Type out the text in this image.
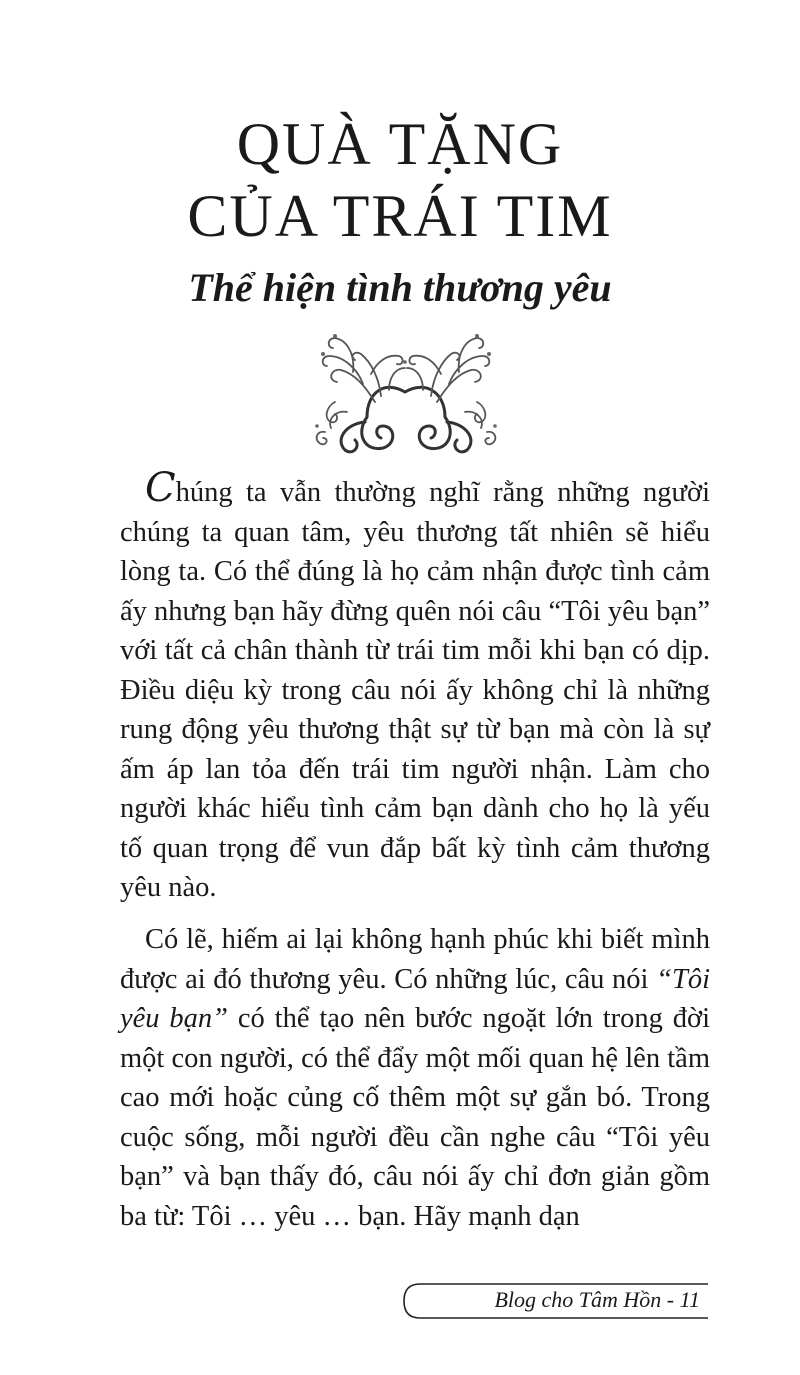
QUÀ TẶNG
CỦA TRÁI TIM
Thể hiện tình thương yêu

Chúng ta vẫn thường nghĩ rằng những người chúng ta quan tâm, yêu thương tất nhiên sẽ hiểu lòng ta. Có thể đúng là họ cảm nhận được tình cảm ấy nhưng bạn hãy đừng quên nói câu “Tôi yêu bạn” với tất cả chân thành từ trái tim mỗi khi bạn có dịp. Điều diệu kỳ trong câu nói ấy không chỉ là những rung động yêu thương thật sự từ bạn mà còn là sự ấm áp lan tỏa đến trái tim người nhận. Làm cho người khác hiểu tình cảm bạn dành cho họ là yếu tố quan trọng để vun đắp bất kỳ tình cảm thương yêu nào.

Có lẽ, hiếm ai lại không hạnh phúc khi biết mình được ai đó thương yêu. Có những lúc, câu nói “Tôi yêu bạn” có thể tạo nên bước ngoặt lớn trong đời một con người, có thể đẩy một mối quan hệ lên tầm cao mới hoặc củng cố thêm một sự gắn bó. Trong cuộc sống, mỗi người đều cần nghe câu “Tôi yêu bạn” và bạn thấy đó, câu nói ấy chỉ đơn giản gồm ba từ: Tôi … yêu … bạn. Hãy mạnh dạn

Blog cho Tâm Hồn - 11
